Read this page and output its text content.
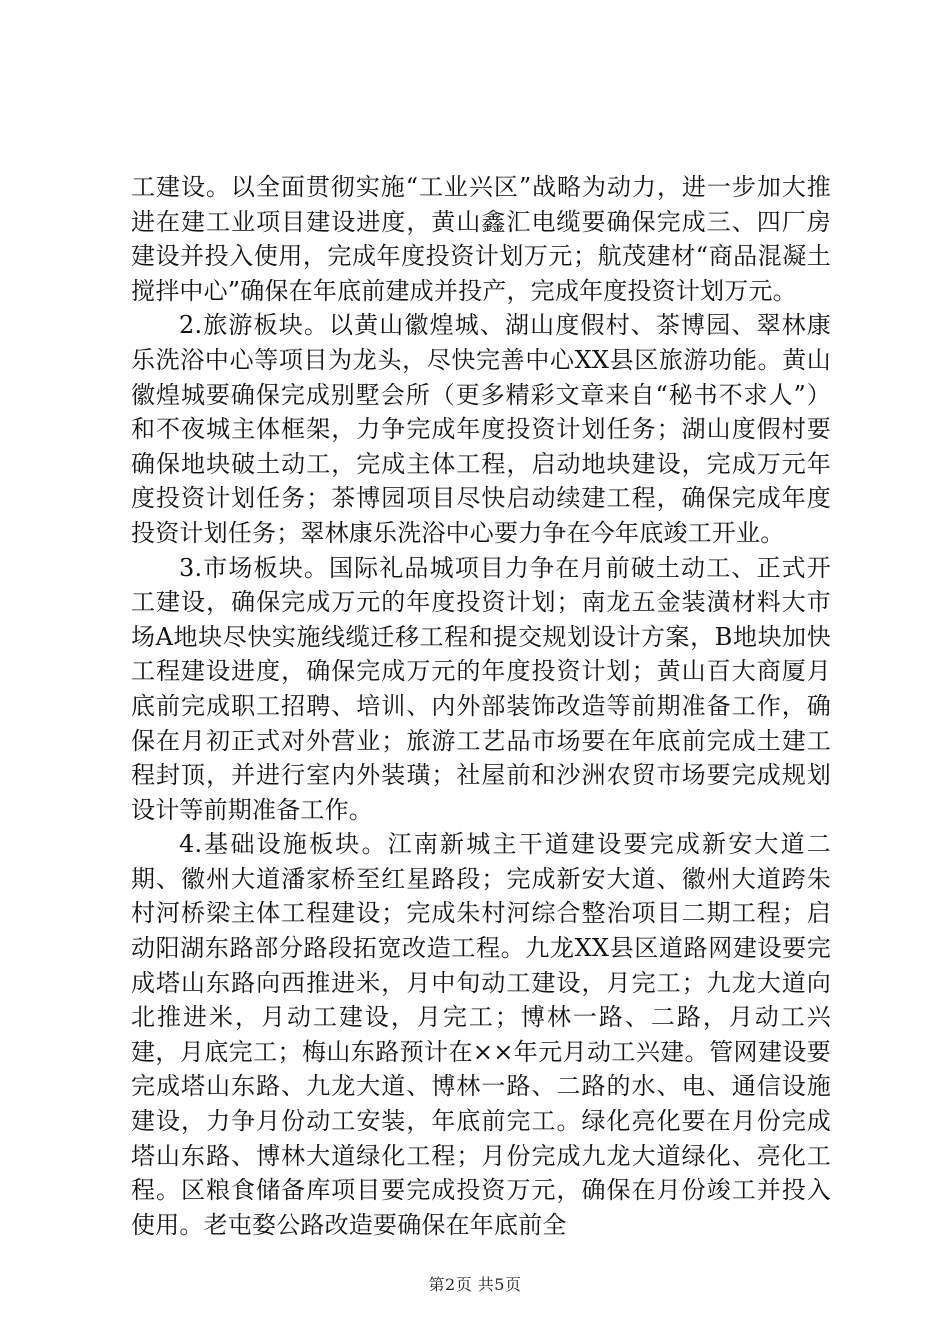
工建设。以全面贯彻实施“工业兴区”战略为动力，进一步加大推进在建工业项目建设进度，黄山鑫汇电缆要确保完成三、四厂房建设并投入使用，完成年度投资计划万元；航茂建材“商品混凝土搅拌中心”确保在年底前建成并投产，完成年度投资计划万元。

2.旅游板块。以黄山徽煌城、湖山度假村、茶博园、翠林康乐洗浴中心等项目为龙头，尽快完善中心XX县区旅游功能。黄山徽煌城要确保完成别墅会所（更多精彩文章来自“秘书不求人”）和不夜城主体框架，力争完成年度投资计划任务；湖山度假村要确保地块破土动工，完成主体工程，启动地块建设，完成万元年度投资计划任务；茶博园项目尽快启动续建工程，确保完成年度投资计划任务；翠林康乐洗浴中心要力争在今年底竣工开业。

3.市场板块。国际礼品城项目力争在月前破土动工、正式开工建设，确保完成万元的年度投资计划；南龙五金装潢材料大市场A地块尽快实施线缆迁移工程和提交规划设计方案，B地块加快工程建设进度，确保完成万元的年度投资计划；黄山百大商厦月底前完成职工招聘、培训、内外部装饰改造等前期准备工作，确保在月初正式对外营业；旅游工艺品市场要在年底前完成土建工程封顶，并进行室内外装璜；社屋前和沙洲农贸市场要完成规划设计等前期准备工作。

4.基础设施板块。江南新城主干道建设要完成新安大道二期、徽州大道潘家桥至红星路段；完成新安大道、徽州大道跨朱村河桥梁主体工程建设；完成朱村河综合整治项目二期工程；启动阳湖东路部分路段拓宽改造工程。九龙XX县区道路网建设要完成塔山东路向西推进米，月中旬动工建设，月完工；九龙大道向北推进米，月动工建设，月完工；博林一路、二路，月动工兴建，月底完工；梅山东路预计在××年元月动工兴建。管网建设要完成塔山东路、九龙大道、博林一路、二路的水、电、通信设施建设，力争月份动工安装，年底前完工。绿化亮化要在月份完成塔山东路、博林大道绿化工程；月份完成九龙大道绿化、亮化工程。区粮食储备库项目要完成投资万元，确保在月份竣工并投入使用。老屯婺公路改造要确保在年底前全

第2页 共5页
